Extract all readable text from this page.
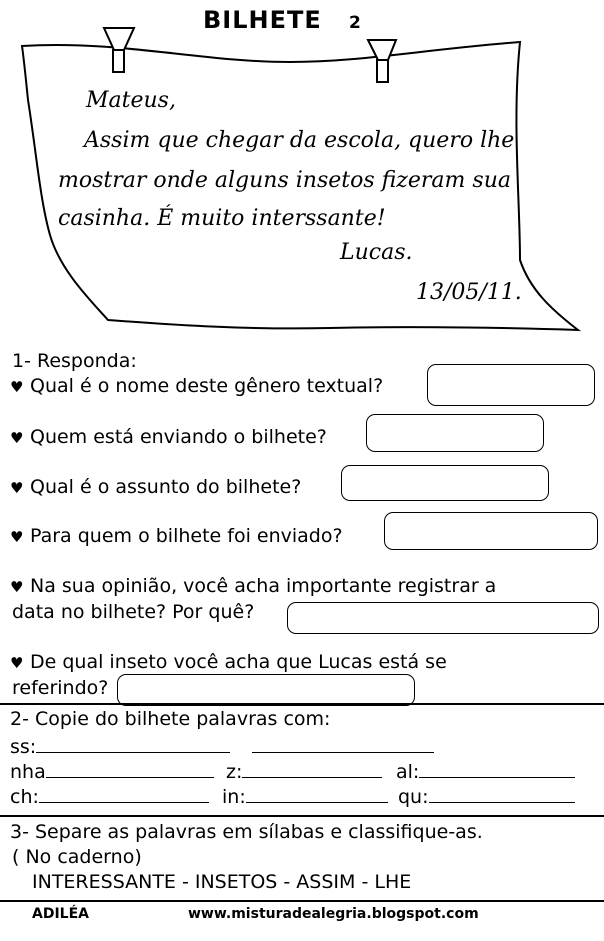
BILHETE 2
Mateus,
Assim que chegar da escola, quero lhe
mostrar onde alguns insetos fizeram sua
casinha. É muito interssante!
Lucas.
13/05/11.
1- Responda:
♥ Qual é o nome deste gênero textual?
♥ Quem está enviando o bilhete?
♥ Qual é o assunto do bilhete?
♥ Para quem o bilhete foi enviado?
♥ Na sua opinião, você acha importante registrar a
data no bilhete? Por quê?
♥ De qual inseto você acha que Lucas está se
referindo?
2- Copie do bilhete palavras com:
ss:
nha	z:	al:
ch:	in:	qu:
3- Separe as palavras em sílabas e classifique-as.
( No caderno)
INTERESSANTE - INSETOS - ASSIM - LHE
ADILÉA	www.misturadealegria.blogspot.com
